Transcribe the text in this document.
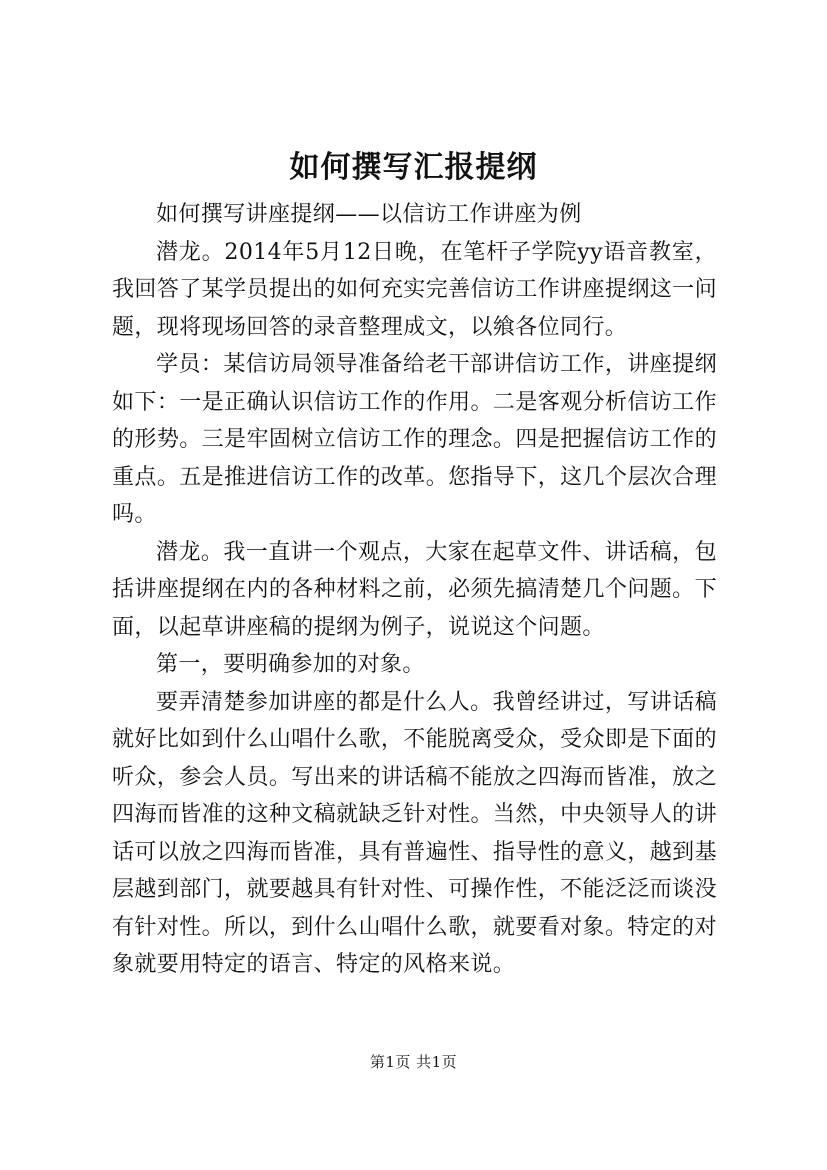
如何撰写汇报提纲

如何撰写讲座提纲——以信访工作讲座为例

潜龙。2014年5月12日晚，在笔杆子学院yy语音教室，我回答了某学员提出的如何充实完善信访工作讲座提纲这一问题，现将现场回答的录音整理成文，以飨各位同行。

学员：某信访局领导准备给老干部讲信访工作，讲座提纲如下：一是正确认识信访工作的作用。二是客观分析信访工作的形势。三是牢固树立信访工作的理念。四是把握信访工作的重点。五是推进信访工作的改革。您指导下，这几个层次合理吗。

潜龙。我一直讲一个观点，大家在起草文件、讲话稿，包括讲座提纲在内的各种材料之前，必须先搞清楚几个问题。下面，以起草讲座稿的提纲为例子，说说这个问题。

第一，要明确参加的对象。

要弄清楚参加讲座的都是什么人。我曾经讲过，写讲话稿就好比如到什么山唱什么歌，不能脱离受众，受众即是下面的听众，参会人员。写出来的讲话稿不能放之四海而皆准，放之四海而皆准的这种文稿就缺乏针对性。当然，中央领导人的讲话可以放之四海而皆准，具有普遍性、指导性的意义，越到基层越到部门，就要越具有针对性、可操作性，不能泛泛而谈没有针对性。所以，到什么山唱什么歌，就要看对象。特定的对象就要用特定的语言、特定的风格来说。

第1页 共1页
